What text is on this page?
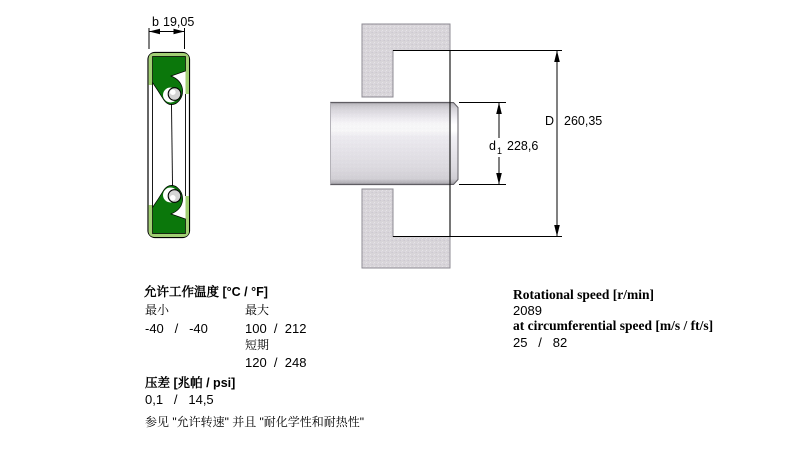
D 260,35
d 1 228,6
b 19,05
允许工作温度 [°C / °F]
最小	最大
-40   /   -40	100  /  212
短期
120  /  248
压差 [兆帕 / psi]
0,1   /   14,5
参见 "允许转速" 并且 "耐化学性和耐热性"
Rotational speed [r/min]
2089
at circumferential speed [m/s / ft/s]
25   /   82
